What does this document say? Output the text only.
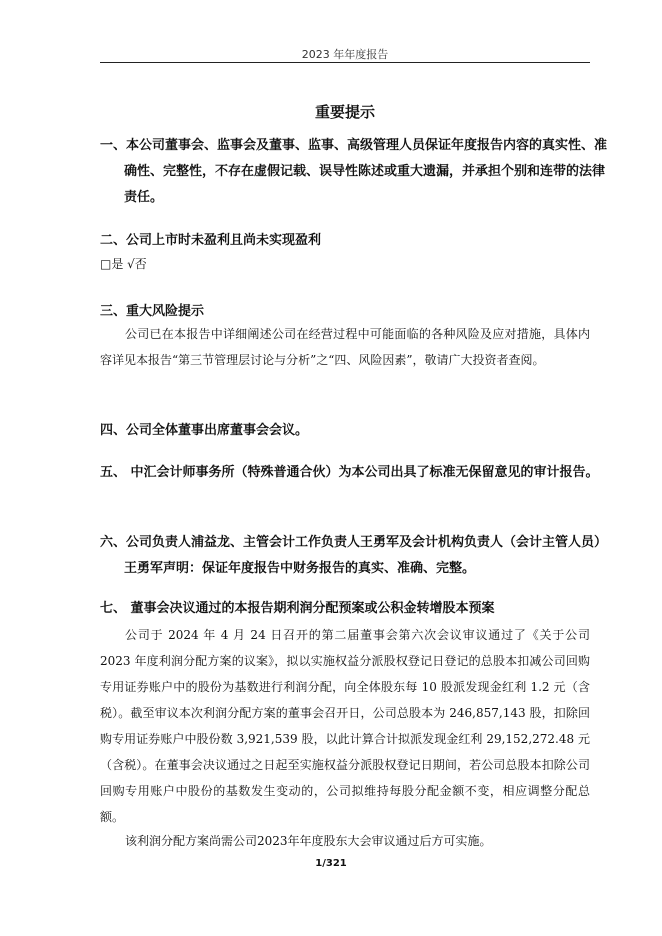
2023 年年度报告
重要提示
一、本公司董事会、监事会及董事、监事、高级管理人员保证年度报告内容的真实性、准确性、完整性，不存在虚假记载、误导性陈述或重大遗漏，并承担个别和连带的法律责任。
二、公司上市时未盈利且尚未实现盈利
□是 √否
三、重大风险提示
公司已在本报告中详细阐述公司在经营过程中可能面临的各种风险及应对措施，具体内容详见本报告“第三节管理层讨论与分析”之“四、风险因素”，敬请广大投资者查阅。
四、公司全体董事出席董事会会议。
五、 中汇会计师事务所（特殊普通合伙）为本公司出具了标准无保留意见的审计报告。
六、公司负责人浦益龙、主管会计工作负责人王勇军及会计机构负责人（会计主管人员）王勇军声明：保证年度报告中财务报告的真实、准确、完整。
七、 董事会决议通过的本报告期利润分配预案或公积金转增股本预案
公司于 2024 年 4 月 24 日召开的第二届董事会第六次会议审议通过了《关于公司 2023 年度利润分配方案的议案》，拟以实施权益分派股权登记日登记的总股本扣减公司回购专用证券账户中的股份为基数进行利润分配，向全体股东每 10 股派发现金红利 1.2 元（含税）。截至审议本次利润分配方案的董事会召开日，公司总股本为 246,857,143 股，扣除回购专用证券账户中股份数 3,921,539 股，以此计算合计拟派发现金红利 29,152,272.48 元（含税）。在董事会决议通过之日起至实施权益分派股权登记日期间，若公司总股本扣除公司回购专用账户中股份的基数发生变动的，公司拟维持每股分配金额不变，相应调整分配总额。
该利润分配方案尚需公司2023年年度股东大会审议通过后方可实施。
1/321
